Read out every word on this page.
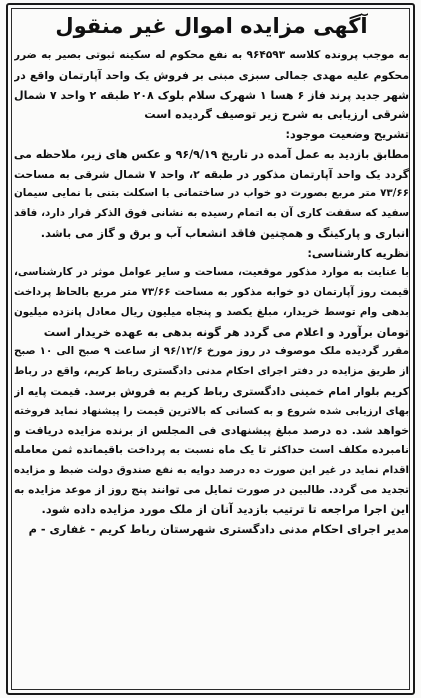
آگهی مزایده اموال غیر منقول
به موجب پرونده کلاسه ۹۶۴۵۹۳ به نفع محکوم له سکینه ثبوتی بصیر به ضرر
محکوم علیه مهدی جمالی سبزی مبنی بر فروش یک واحد آپارتمان واقع در
شهر جدید پرند فاز ۶ هسا ۱ شهرک سلام بلوک ۲۰۸ طبقه ۲ واحد ۷ شمال
شرقی ارزیابی به شرح زیر توصیف گردیده است
تشریح وضعیت موجود:
مطابق بازدید به عمل آمده در تاریخ ۹۶/۹/۱۹ و عکس های زیر، ملاحظه می
گردد یک واحد آپارتمان مذکور در طبقه ۲، واحد ۷ شمال شرقی به مساحت
۷۳/۶۶ متر مربع بصورت دو خواب در ساختمانی با اسکلت بتنی با نمایی سیمان
سفید که سقفت کاری آن به اتمام رسیده به نشانی فوق الذکر قرار دارد، فاقد
انباری و پارکینگ و همچنین فاقد انشعاب آب و برق و گاز می باشد.
نظریه کارشناسی:
با عنایت به موارد مذکور موقعیت، مساحت و سایر عوامل موثر در کارشناسی،
قیمت روز آپارتمان دو خوابه مذکور به مساحت ۷۳/۶۶ متر مربع بالحاظ پرداخت
بدهی وام توسط خریدار، مبلغ یکصد و پنجاه میلیون ریال معادل پانزده میلیون
تومان برآورد و اعلام می گردد هر گونه بدهی به عهده خریدار است
مقرر گردیده ملک موصوف در روز مورخ ۹۶/۱۲/۶ از ساعت ۹ صبح الی ۱۰ صبح
از طریق مزایده در دفتر اجرای احکام مدنی دادگستری رباط کریم، واقع در رباط
کریم بلوار امام خمینی دادگستری رباط کریم به فروش برسد. قیمت پایه از
بهای ارزیابی شده شروع و به کسانی که بالاترین قیمت را پیشنهاد نماید فروخته
خواهد شد. ده درصد مبلغ پیشنهادی فی المجلس از برنده مزایده دریافت و
نامبرده مکلف است حداکثر تا یک ماه نسبت به پرداخت باقیمانده ثمن معامله
اقدام نماید در غیر این صورت ده درصد دوایه به نفع صندوق دولت ضبط و مزایده
تجدید می گردد. طالبین در صورت تمایل می توانند پنج روز از موعد مزایده به
این اجرا مراجعه تا ترتیب بازدید آنان از ملک مورد مزایده داده شود.
مدیر اجرای احکام مدنی دادگستری شهرستان رباط کریم - غفاری - م
